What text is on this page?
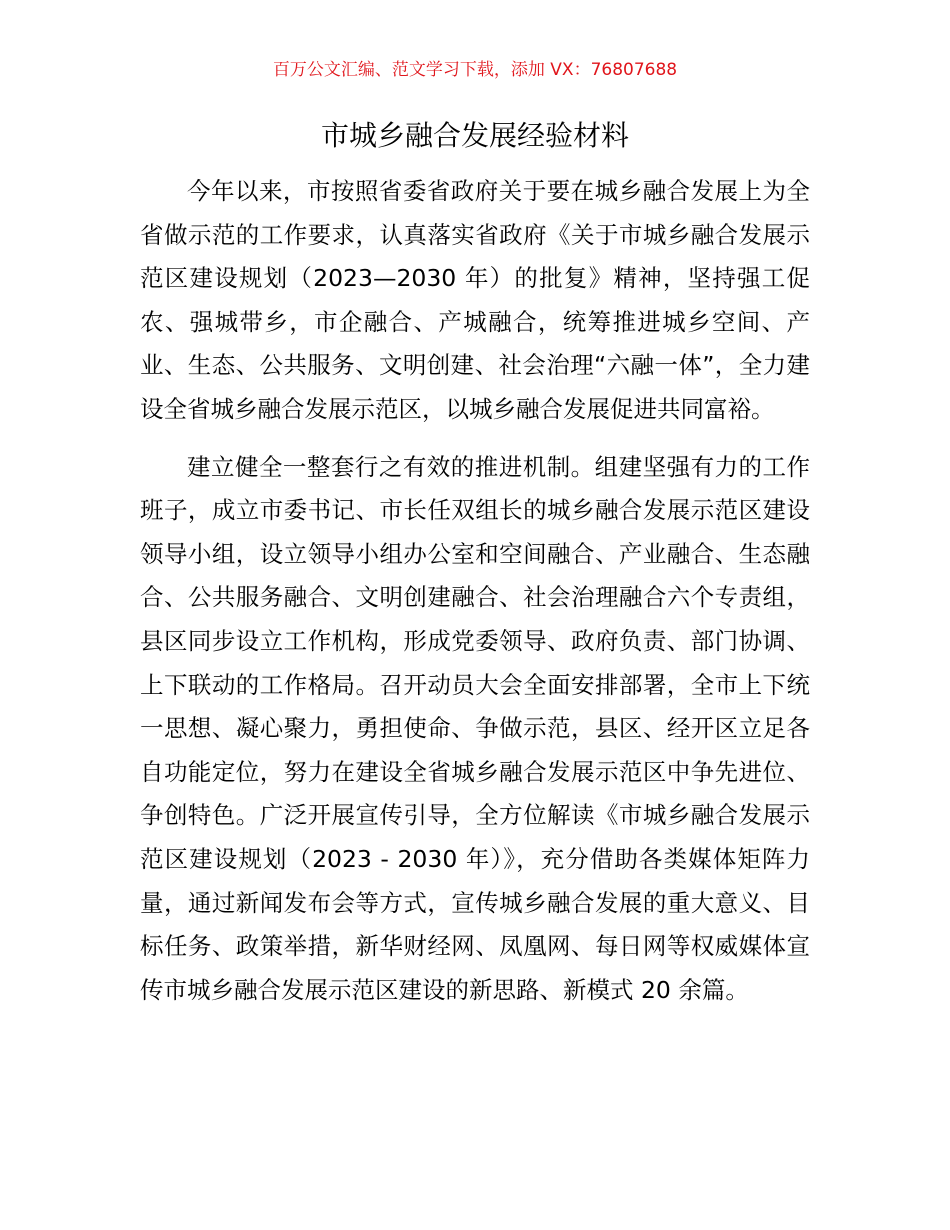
百万公文汇编、范文学习下载，添加 VX：76807688
市城乡融合发展经验材料

今年以来，市按照省委省政府关于要在城乡融合发展上为全省做示范的工作要求，认真落实省政府《关于市城乡融合发展示范区建设规划（2023—2030 年）的批复》精神，坚持强工促农、强城带乡，市企融合、产城融合，统筹推进城乡空间、产业、生态、公共服务、文明创建、社会治理“六融一体”，全力建设全省城乡融合发展示范区，以城乡融合发展促进共同富裕。

建立健全一整套行之有效的推进机制。组建坚强有力的工作班子，成立市委书记、市长任双组长的城乡融合发展示范区建设领导小组，设立领导小组办公室和空间融合、产业融合、生态融合、公共服务融合、文明创建融合、社会治理融合六个专责组，县区同步设立工作机构，形成党委领导、政府负责、部门协调、上下联动的工作格局。召开动员大会全面安排部署，全市上下统一思想、凝心聚力，勇担使命、争做示范，县区、经开区立足各自功能定位，努力在建设全省城乡融合发展示范区中争先进位、争创特色。广泛开展宣传引导，全方位解读《市城乡融合发展示范区建设规划（2023 - 2030 年）》，充分借助各类媒体矩阵力量，通过新闻发布会等方式，宣传城乡融合发展的重大意义、目标任务、政策举措，新华财经网、凤凰网、每日网等权威媒体宣传市城乡融合发展示范区建设的新思路、新模式 20 余篇。
